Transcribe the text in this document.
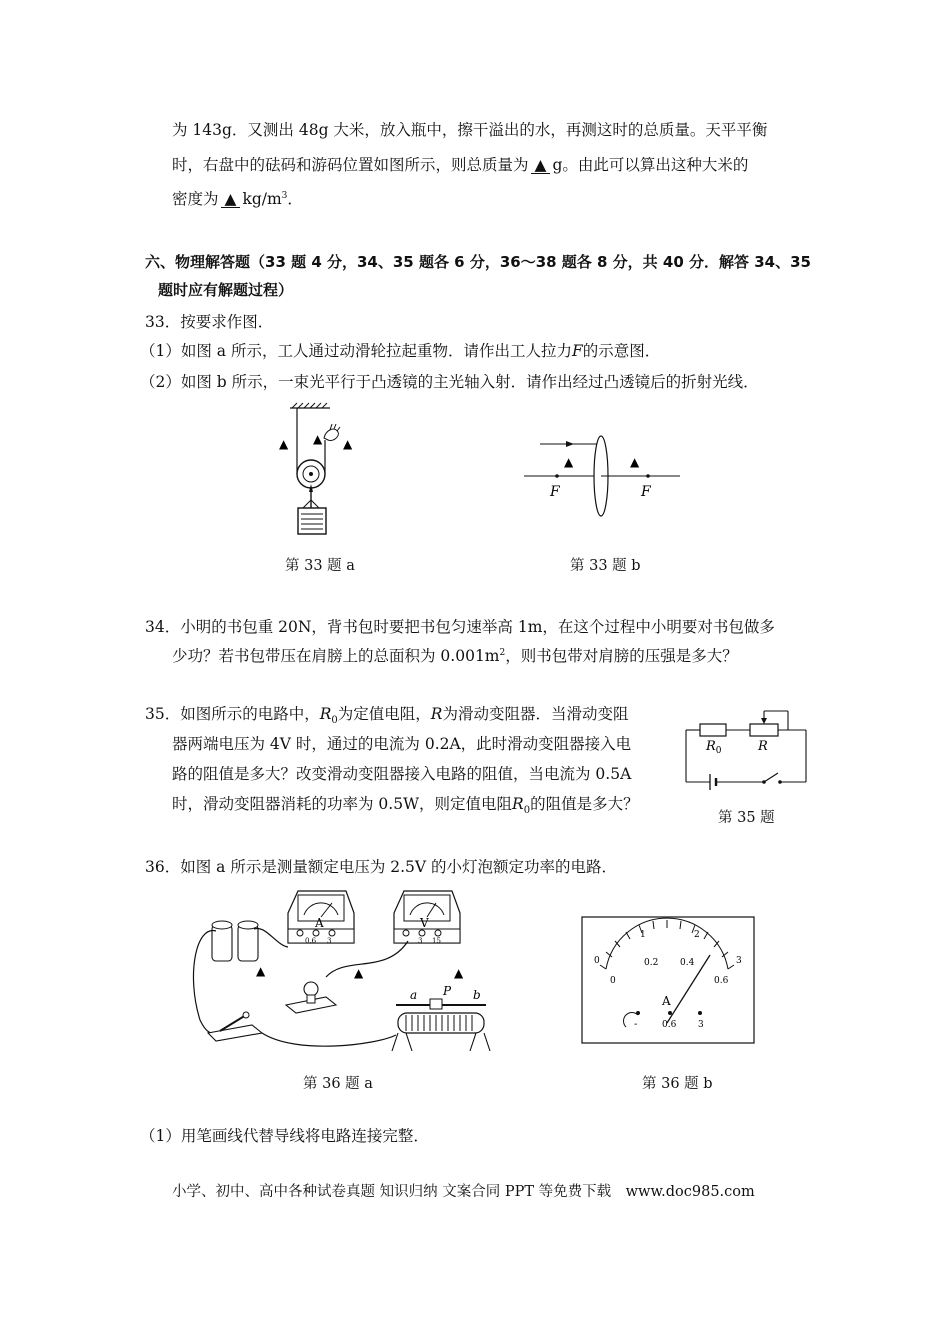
为 143g．又测出 48g 大米，放入瓶中，擦干溢出的水，再测这时的总质量。天平平衡
时，右盘中的砝码和游码位置如图所示，则总质量为 ▲ g。由此可以算出这种大米的
密度为 ▲ $kg/m^3$．
六、物理解答题（33 题 4 分，34、35 题各 6 分，36～38 题各 8 分，共 40 分．解答 34、35
题时应有解题过程）
33．按要求作图．
（1）如图 a 所示，工人通过动滑轮拉起重物．请作出工人拉力F的示意图．
（2）如图 b 所示，一束光平行于凸透镜的主光轴入射．请作出经过凸透镜后的折射光线．
▲ ▲ ▲
F	F
▲	▲
第 33 题 a	第 33 题 b
34．小明的书包重 20N，背书包时要把书包匀速举高 1m，在这个过程中小明要对书包做多
少功？若书包带压在肩膀上的总面积为 $0.001m^2$，则书包带对肩膀的压强是多大？
35．如图所示的电路中，$R_0$为定值电阻，R为滑动变阻器．当滑动变阻
器两端电压为 4V 时，通过的电流为 0.2A，此时滑动变阻器接入电
路的阻值是多大？改变滑动变阻器接入电路的阻值，当电流为 0.5A
时，滑动变阻器消耗的功率为 0.5W，则定值电阻$R_0$的阻值是多大？
$R_0$	R
第 35 题
36．如图 a 所示是测量额定电压为 2.5V 的小灯泡额定功率的电路．
A
0.6 3
V
3 15
a P b
▲	▲	▲
0
1	2
3
0
0.2 0.4
0.6
A
-	0.6 3
第 36 题 a	第 36 题 b
（1）用笔画线代替导线将电路连接完整．
小学、初中、高中各种试卷真题 知识归纳 文案合同 PPT 等免费下载　www.doc985.com
